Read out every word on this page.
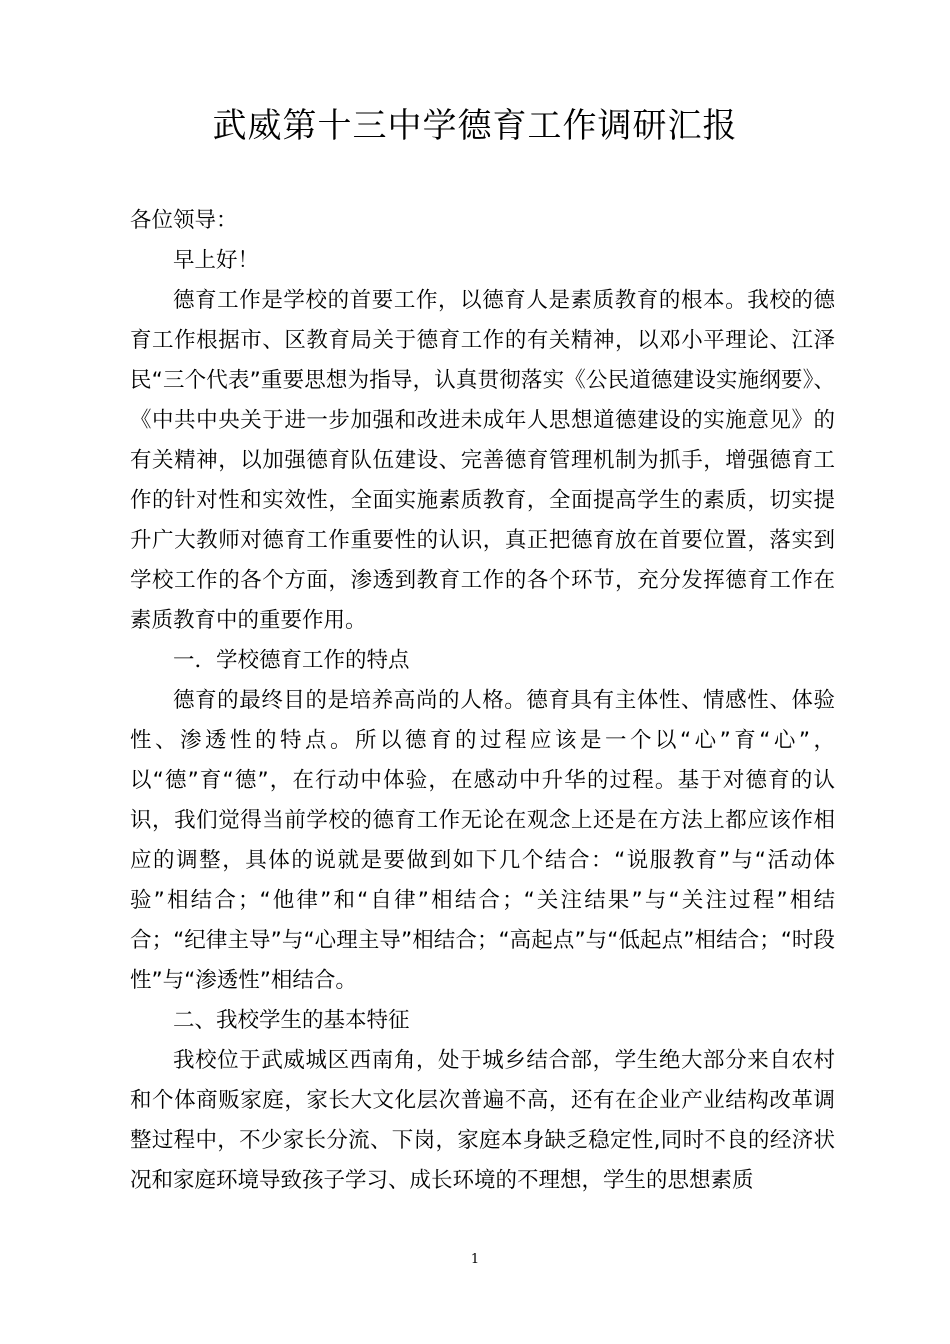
武威第十三中学德育工作调研汇报

各位领导：

早上好！

德育工作是学校的首要工作，以德育人是素质教育的根本。我校的德育工作根据市、区教育局关于德育工作的有关精神，以邓小平理论、江泽民“三个代表”重要思想为指导，认真贯彻落实《公民道德建设实施纲要》、《中共中央关于进一步加强和改进未成年人思想道德建设的实施意见》的有关精神，以加强德育队伍建设、完善德育管理机制为抓手，增强德育工作的针对性和实效性，全面实施素质教育，全面提高学生的素质，切实提升广大教师对德育工作重要性的认识，真正把德育放在首要位置，落实到学校工作的各个方面，渗透到教育工作的各个环节，充分发挥德育工作在素质教育中的重要作用。

一．学校德育工作的特点

德育的最终目的是培养高尚的人格。德育具有主体性、情感性、体验性、渗透性的特点。所以德育的过程应该是一个以“心”育“心”，以“德”育“德”，在行动中体验，在感动中升华的过程。基于对德育的认识，我们觉得当前学校的德育工作无论在观念上还是在方法上都应该作相应的调整，具体的说就是要做到如下几个结合：“说服教育”与“活动体验”相结合；“他律”和“自律”相结合；“关注结果”与“关注过程”相结合；“纪律主导”与“心理主导”相结合；“高起点”与“低起点”相结合；“时段性”与“渗透性”相结合。

二、我校学生的基本特征

我校位于武威城区西南角，处于城乡结合部，学生绝大部分来自农村和个体商贩家庭，家长大文化层次普遍不高，还有在企业产业结构改革调整过程中，不少家长分流、下岗，家庭本身缺乏稳定性,同时不良的经济状况和家庭环境导致孩子学习、成长环境的不理想，学生的思想素质

1
